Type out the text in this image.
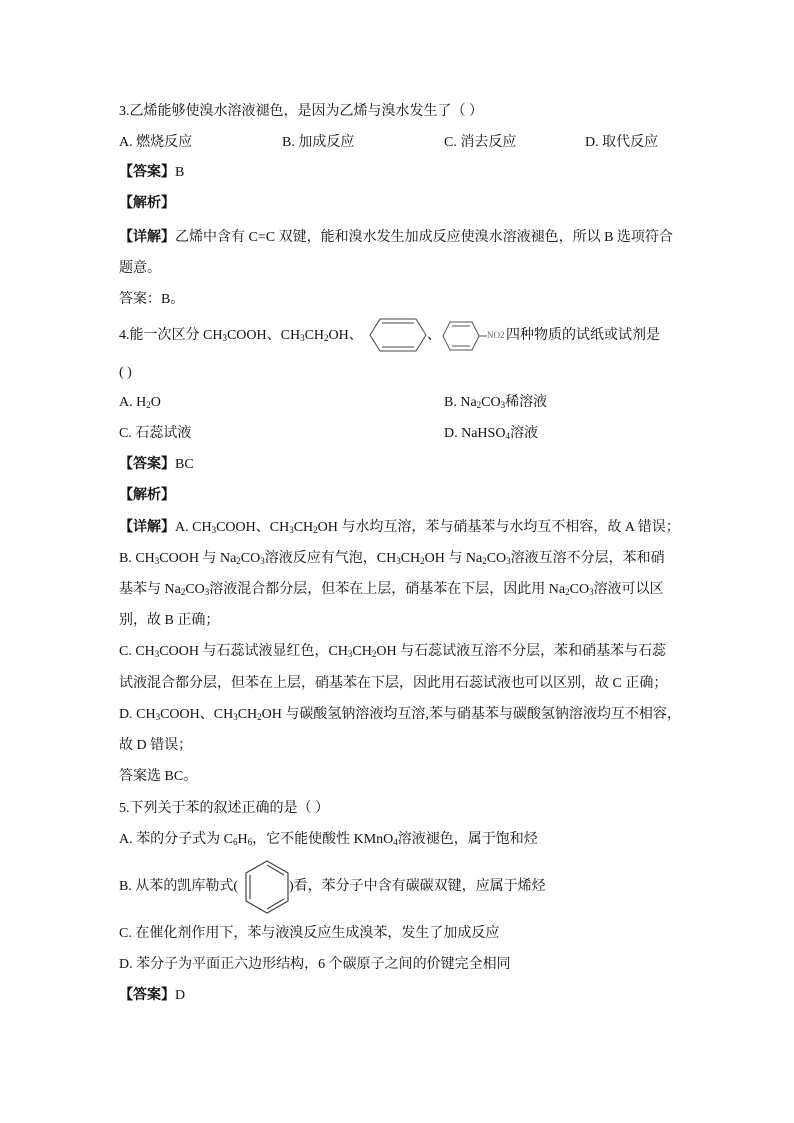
3.乙烯能够使溴水溶液褪色，是因为乙烯与溴水发生了（ ）
A. 燃烧反应	B. 加成反应	C. 消去反应	D. 取代反应
【答案】B
【解析】
【详解】乙烯中含有 C=C 双键，能和溴水发生加成反应使溴水溶液褪色，所以 B 选项符合
题意。
答案：B。
4.能一次区分 $CH_3COOH$、$CH_3CH_2OH$、	、	NO2 四种物质的试纸或试剂是
( )
A. $H_2O$	B. $Na_2CO_3$稀溶液
C. 石蕊试液	D. NaHSO$_4$溶液
【答案】BC
【解析】
【详解】A. $CH_3COOH$、$CH_3CH_2OH$ 与水均互溶，苯与硝基苯与水均互不相容，故 A 错误；
B. $CH_3COOH$ 与 $Na_2CO_3$溶液反应有气泡，$CH_3CH_2OH$ 与 $Na_2CO_3$溶液互溶不分层，苯和硝
基苯与 $Na_2CO_3$溶液混合都分层，但苯在上层，硝基苯在下层，因此用 $Na_2CO_3$溶液可以区
别，故 B 正确；
C. $CH_3COOH$ 与石蕊试液显红色，$CH_3CH_2OH$ 与石蕊试液互溶不分层，苯和硝基苯与石蕊
试液混合都分层，但苯在上层，硝基苯在下层，因此用石蕊试液也可以区别，故 C 正确；
D. $CH_3COOH$、$CH_3CH_2OH$ 与碳酸氢钠溶液均互溶,苯与硝基苯与碳酸氢钠溶液均互不相容，
故 D 错误；
答案选 BC。
5.下列关于苯的叙述正确的是（ ）
A. 苯的分子式为 $C_6H_6$，它不能使酸性 KMnO$_4$溶液褪色，属于饱和烃
B. 从苯的凯库勒式(	)看，苯分子中含有碳碳双键，应属于烯烃
C. 在催化剂作用下，苯与液溴反应生成溴苯，发生了加成反应
D. 苯分子为平面正六边形结构，6 个碳原子之间的价键完全相同
【答案】D
